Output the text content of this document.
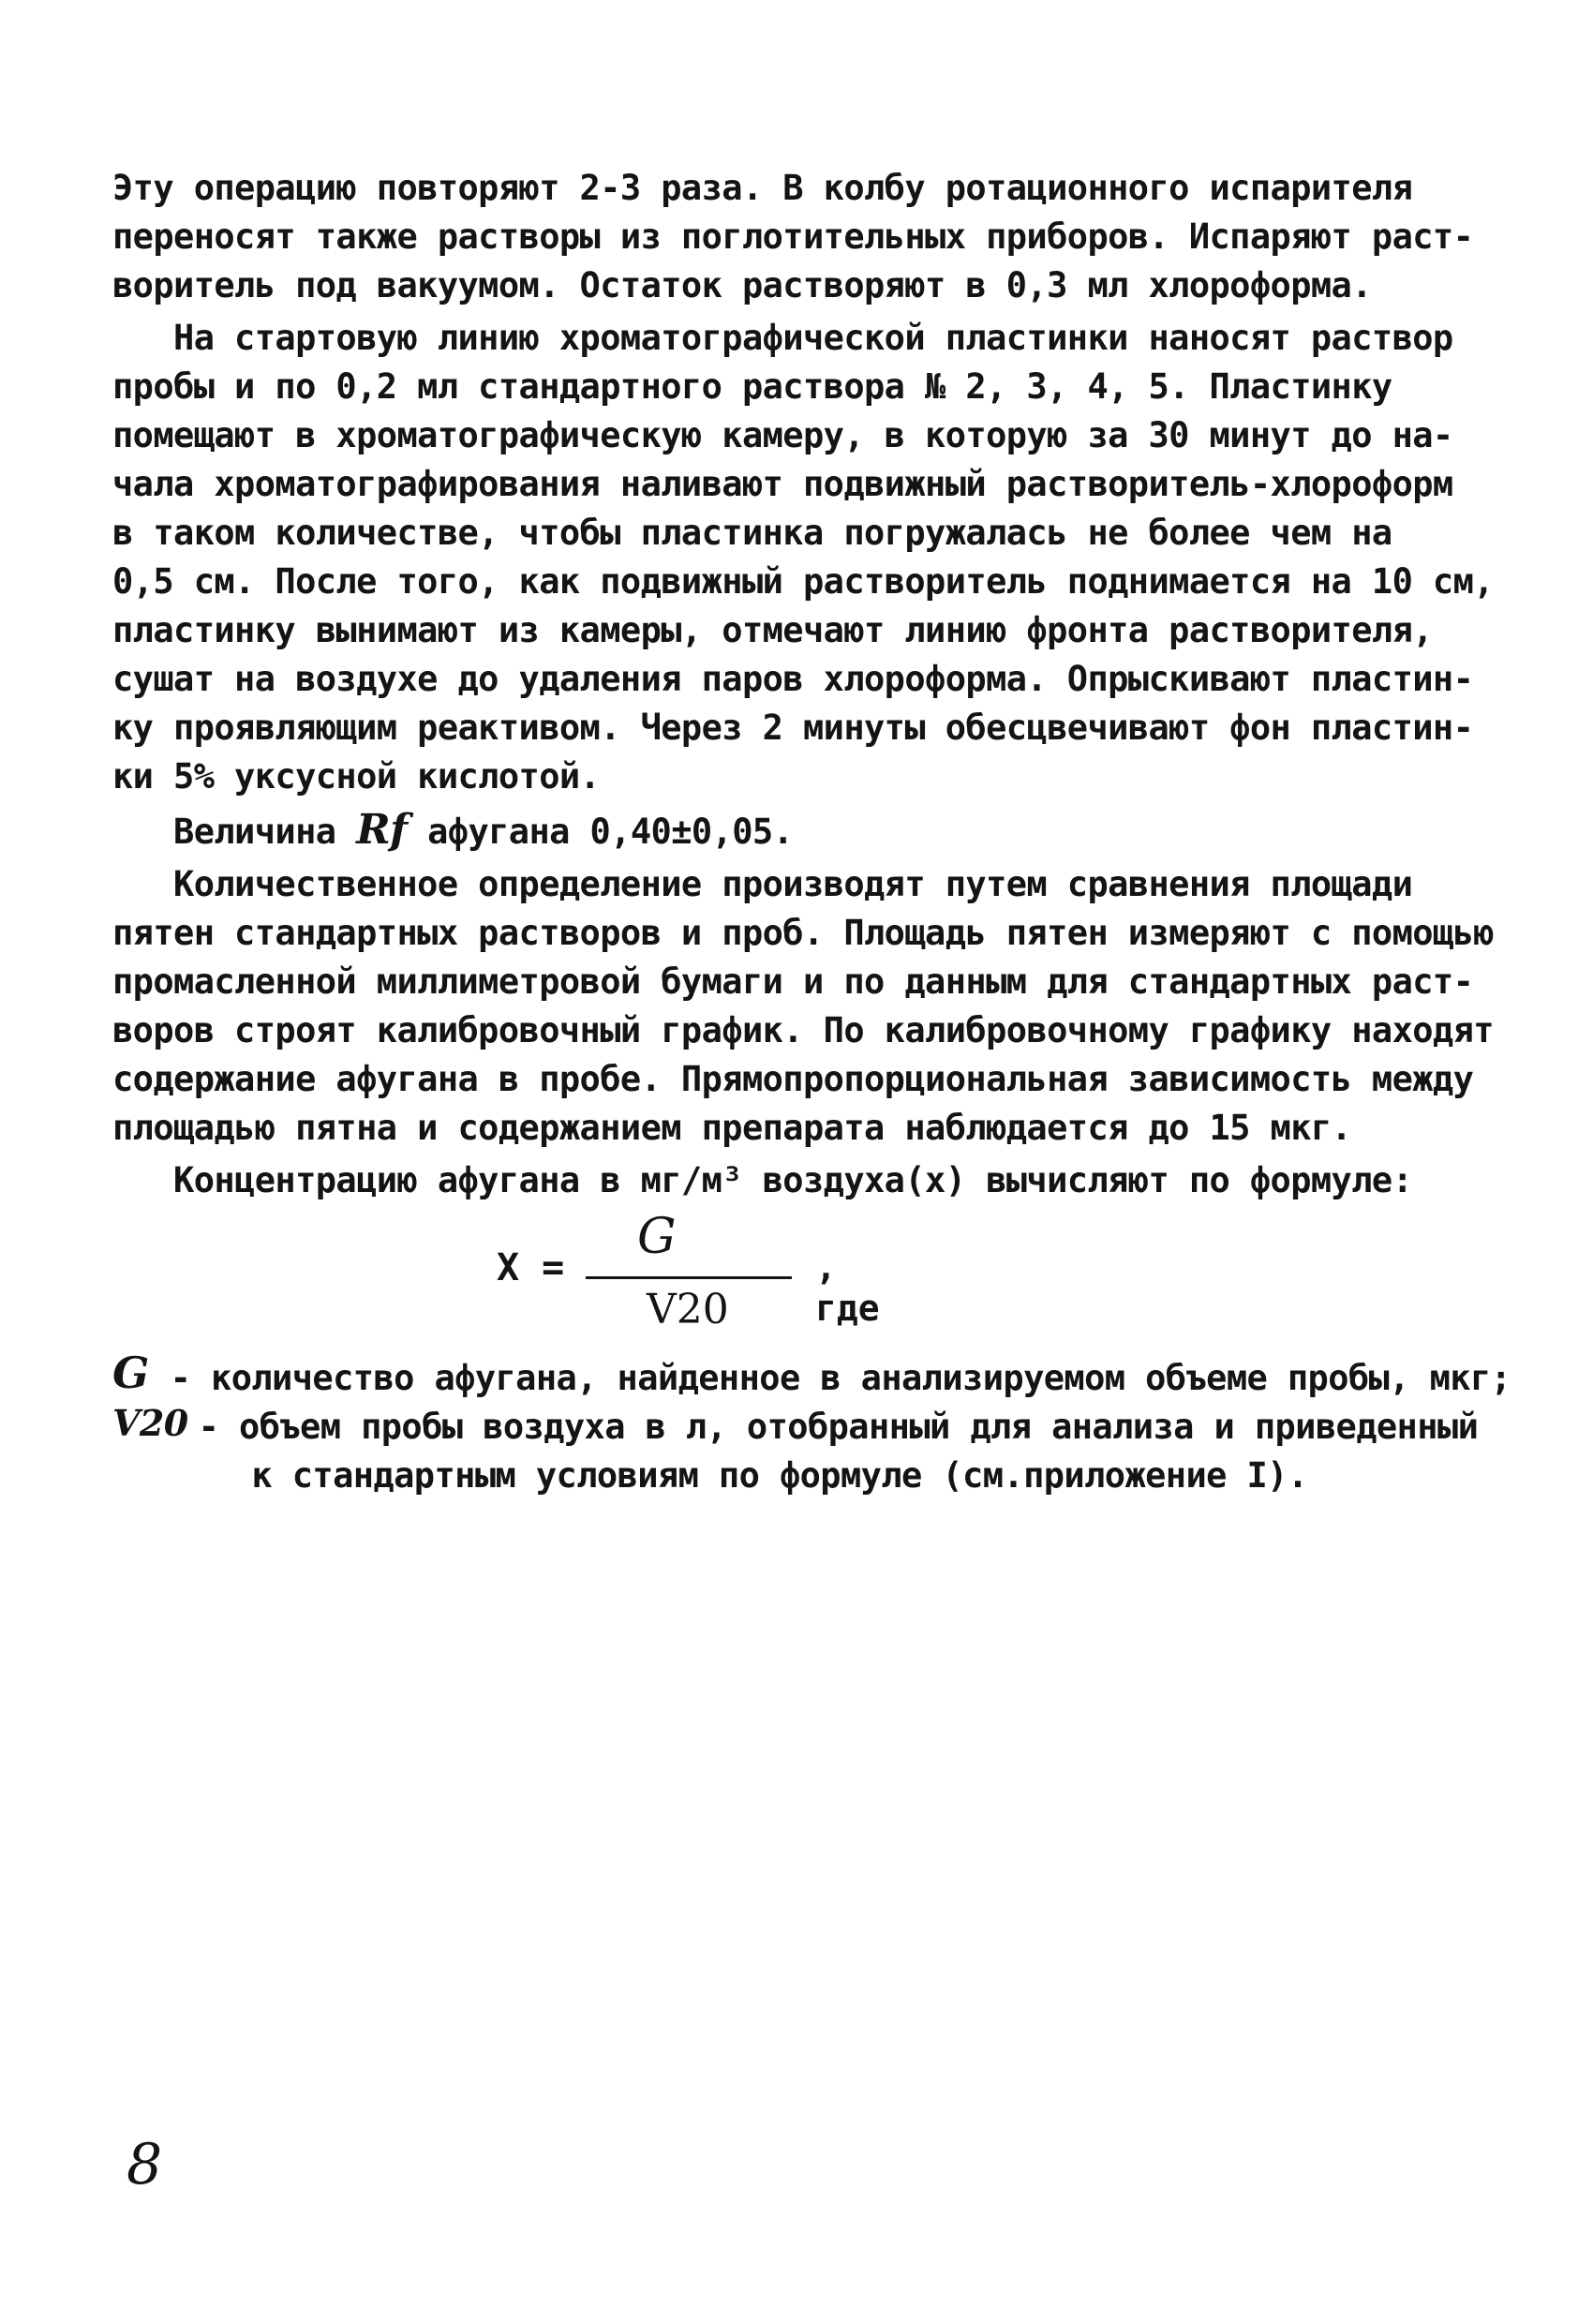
Эту операцию повторяют 2-3 раза. В колбу ротационного испарителя
переносят также растворы из поглотительных приборов. Испаряют раст-
воритель под вакуумом. Остаток растворяют в 0,3 мл хлороформа.
На стартовую линию хроматографической пластинки наносят раствор
пробы и по 0,2 мл стандартного раствора № 2, 3, 4, 5. Пластинку
помещают в хроматографическую камеру, в которую за 30 минут до на-
чала хроматографирования наливают подвижный растворитель-хлороформ
в таком количестве, чтобы пластинка погружалась не более чем на
0,5 см. После того, как подвижный растворитель поднимается на 10 см,
пластинку вынимают из камеры, отмечают линию фронта растворителя,
сушат на воздухе до удаления паров хлороформа. Опрыскивают пластин-
ку проявляющим реактивом. Через 2 минуты обесцвечивают фон пластин-
ки 5% уксусной кислотой.
Величина Rf афугана 0,40±0,05.
Количественное определение производят путем сравнения площади
пятен стандартных растворов и проб. Площадь пятен измеряют с помощью
промасленной миллиметровой бумаги и по данным для стандартных раст-
воров строят калибровочный график. По калибровочному графику находят
содержание афугана в пробе. Прямопропорциональная зависимость между
площадью пятна и содержанием препарата наблюдается до 15 мкг.
Концентрацию афугана в мг/м³ воздуха(х) вычисляют по формуле:
X =
G
V20
, где

G

- количество афугана, найденное в анализируемом объеме пробы, мкг;

V20

- объем пробы воздуха в л, отобранный для анализа и приведенный

к стандартным условиям по формуле (см.приложение I).

8
